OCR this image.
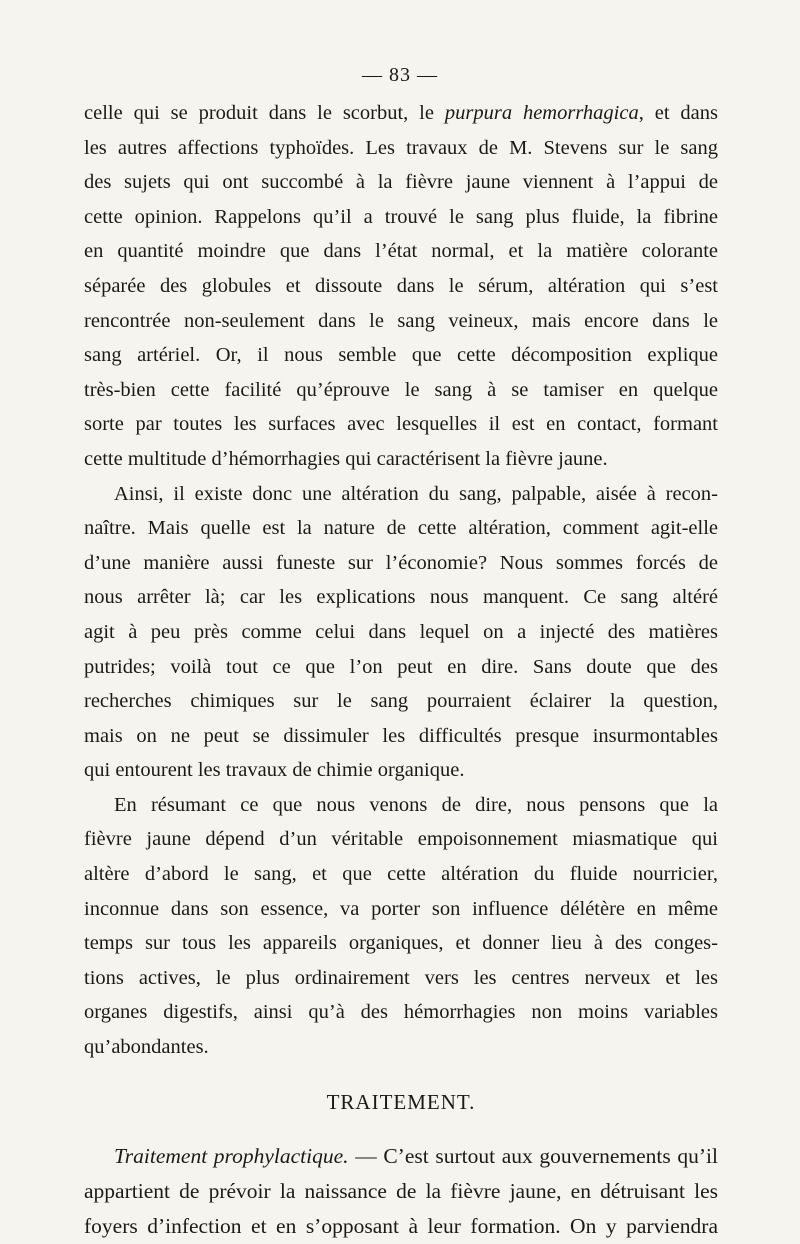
— 83 —
celle qui se produit dans le scorbut, le purpura hemorrhagica, et dans
les autres affections typhoïdes. Les travaux de M. Stevens sur le sang
des sujets qui ont succombé à la fièvre jaune viennent à l’appui de
cette opinion. Rappelons qu’il a trouvé le sang plus fluide, la fibrine
en quantité moindre que dans l’état normal, et la matière colorante
séparée des globules et dissoute dans le sérum, altération qui s’est
rencontrée non-seulement dans le sang veineux, mais encore dans le
sang artériel. Or, il nous semble que cette décomposition explique
très-bien cette facilité qu’éprouve le sang à se tamiser en quelque
sorte par toutes les surfaces avec lesquelles il est en contact, formant
cette multitude d’hémorrhagies qui caractérisent la fièvre jaune.
Ainsi, il existe donc une altération du sang, palpable, aisée à recon-
naître. Mais quelle est la nature de cette altération, comment agit-elle
d’une manière aussi funeste sur l’économie? Nous sommes forcés de
nous arrêter là; car les explications nous manquent. Ce sang altéré
agit à peu près comme celui dans lequel on a injecté des matières
putrides; voilà tout ce que l’on peut en dire. Sans doute que des
recherches chimiques sur le sang pourraient éclairer la question,
mais on ne peut se dissimuler les difficultés presque insurmontables
qui entourent les travaux de chimie organique.
En résumant ce que nous venons de dire, nous pensons que la
fièvre jaune dépend d’un véritable empoisonnement miasmatique qui
altère d’abord le sang, et que cette altération du fluide nourricier,
inconnue dans son essence, va porter son influence délétère en même
temps sur tous les appareils organiques, et donner lieu à des conges-
tions actives, le plus ordinairement vers les centres nerveux et les
organes digestifs, ainsi qu’à des hémorrhagies non moins variables
qu’abondantes.
TRAITEMENT.
Traitement prophylactique. — C’est surtout aux gouvernements qu’il
appartient de prévoir la naissance de la fièvre jaune, en détruisant les
foyers d’infection et en s’opposant à leur formation. On y parviendra
